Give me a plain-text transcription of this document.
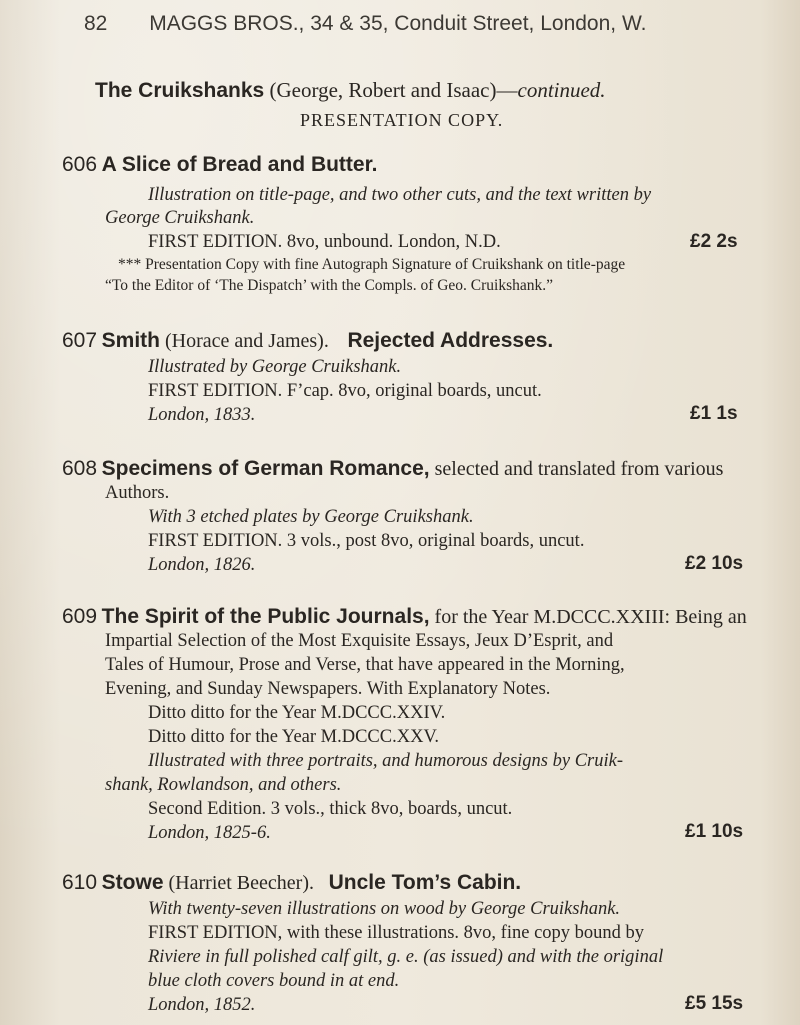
82 MAGGS BROS., 34 & 35, Conduit Street, London, W.
The Cruikshanks (George, Robert and Isaac)—continued.
PRESENTATION COPY.
606 A Slice of Bread and Butter.
Illustration on title-page, and two other cuts, and the text written by
George Cruikshank.
FIRST EDITION. 8vo, unbound. London, N.D.
*** Presentation Copy with fine Autograph Signature of Cruikshank on title-page
“To the Editor of ‘The Dispatch’ with the Compls. of Geo. Cruikshank.”
£2 2s
607 Smith (Horace and James). Rejected Addresses.
Illustrated by George Cruikshank.
FIRST EDITION. F’cap. 8vo, original boards, uncut.
London, 1833.	£1 1s
608 Specimens of German Romance, selected and translated from various
Authors.
With 3 etched plates by George Cruikshank.
FIRST EDITION. 3 vols., post 8vo, original boards, uncut.
London, 1826.	£2 10s
609 The Spirit of the Public Journals, for the Year M.DCCC.XXIII: Being an
Impartial Selection of the Most Exquisite Essays, Jeux D’Esprit, and
Tales of Humour, Prose and Verse, that have appeared in the Morning,
Evening, and Sunday Newspapers. With Explanatory Notes.
Ditto ditto for the Year M.DCCC.XXIV.
Ditto ditto for the Year M.DCCC.XXV.
Illustrated with three portraits, and humorous designs by Cruik-
shank, Rowlandson, and others.
Second Edition. 3 vols., thick 8vo, boards, uncut.
London, 1825-6.	£1 10s
610 Stowe (Harriet Beecher). Uncle Tom’s Cabin.
With twenty-seven illustrations on wood by George Cruikshank.
FIRST EDITION, with these illustrations. 8vo, fine copy bound by
Riviere in full polished calf gilt, g. e. (as issued) and with the original
blue cloth covers bound in at end.
London, 1852.	£5 15s
